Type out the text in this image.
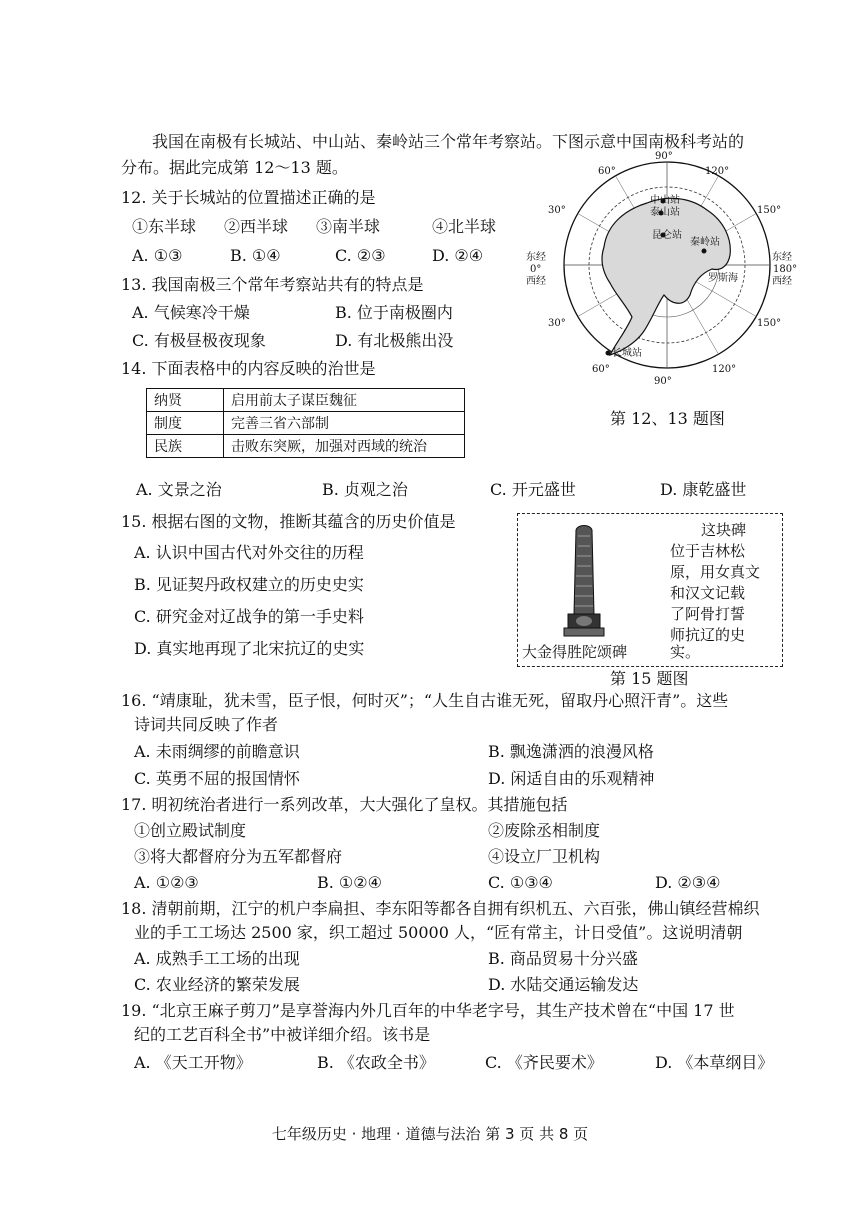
我国在南极有长城站、中山站、秦岭站三个常年考察站。下图示意中国南极科考站的
分布。据此完成第 12～13 题。
12. 关于长城站的位置描述正确的是
①东半球 ②西半球 ③南半球	④北半球
A. ①③	B. ①④	C. ②③	D. ②④
13. 我国南极三个常年考察站共有的特点是
A. 气候寒冷干燥	B. 位于南极圈内
C. 有极昼极夜现象	D. 有北极熊出没
90°
60°	120°
30°	150°
东经
0°
西经
东经
180°
西经
30°	150°
60°	120°
90°
中山站
泰山站
昆仑站
秦岭站
罗斯海
长城站
第 12、13 题图
14. 下面表格中的内容反映的治世是
纳贤	启用前太子谋臣魏征
制度	完善三省六部制
民族	击败东突厥，加强对西域的统治
A. 文景之治	B. 贞观之治	C. 开元盛世	D. 康乾盛世
15. 根据右图的文物，推断其蕴含的历史价值是
A. 认识中国古代对外交往的历程
B. 见证契丹政权建立的历史史实
C. 研究金对辽战争的第一手史料
D. 真实地再现了北宋抗辽的史实
这块碑
位于吉林松
原，用女真文
和汉文记载
了阿骨打誓
师抗辽的史
实。
大金得胜陀颂碑
第 15 题图
16. “靖康耻，犹未雪，臣子恨，何时灭”；“人生自古谁无死，留取丹心照汗青”。这些
诗词共同反映了作者
A. 未雨绸缪的前瞻意识	B. 飘逸潇洒的浪漫风格
C. 英勇不屈的报国情怀	D. 闲适自由的乐观精神
17. 明初统治者进行一系列改革，大大强化了皇权。其措施包括
①创立殿试制度	②废除丞相制度
③将大都督府分为五军都督府	④设立厂卫机构
A. ①②③	B. ①②④	C. ①③④	D. ②③④
18. 清朝前期，江宁的机户李扁担、李东阳等都各自拥有织机五、六百张，佛山镇经营棉织
业的手工工场达 2500 家，织工超过 50000 人，“匠有常主，计日受值”。这说明清朝
A. 成熟手工工场的出现	B. 商品贸易十分兴盛
C. 农业经济的繁荣发展	D. 水陆交通运输发达
19. “北京王麻子剪刀”是享誉海内外几百年的中华老字号，其生产技术曾在“中国 17 世
纪的工艺百科全书”中被详细介绍。该书是
A. 《天工开物》	B. 《农政全书》	C. 《齐民要术》	D. 《本草纲目》
七年级历史 · 地理 · 道德与法治 第 3 页 共 8 页
